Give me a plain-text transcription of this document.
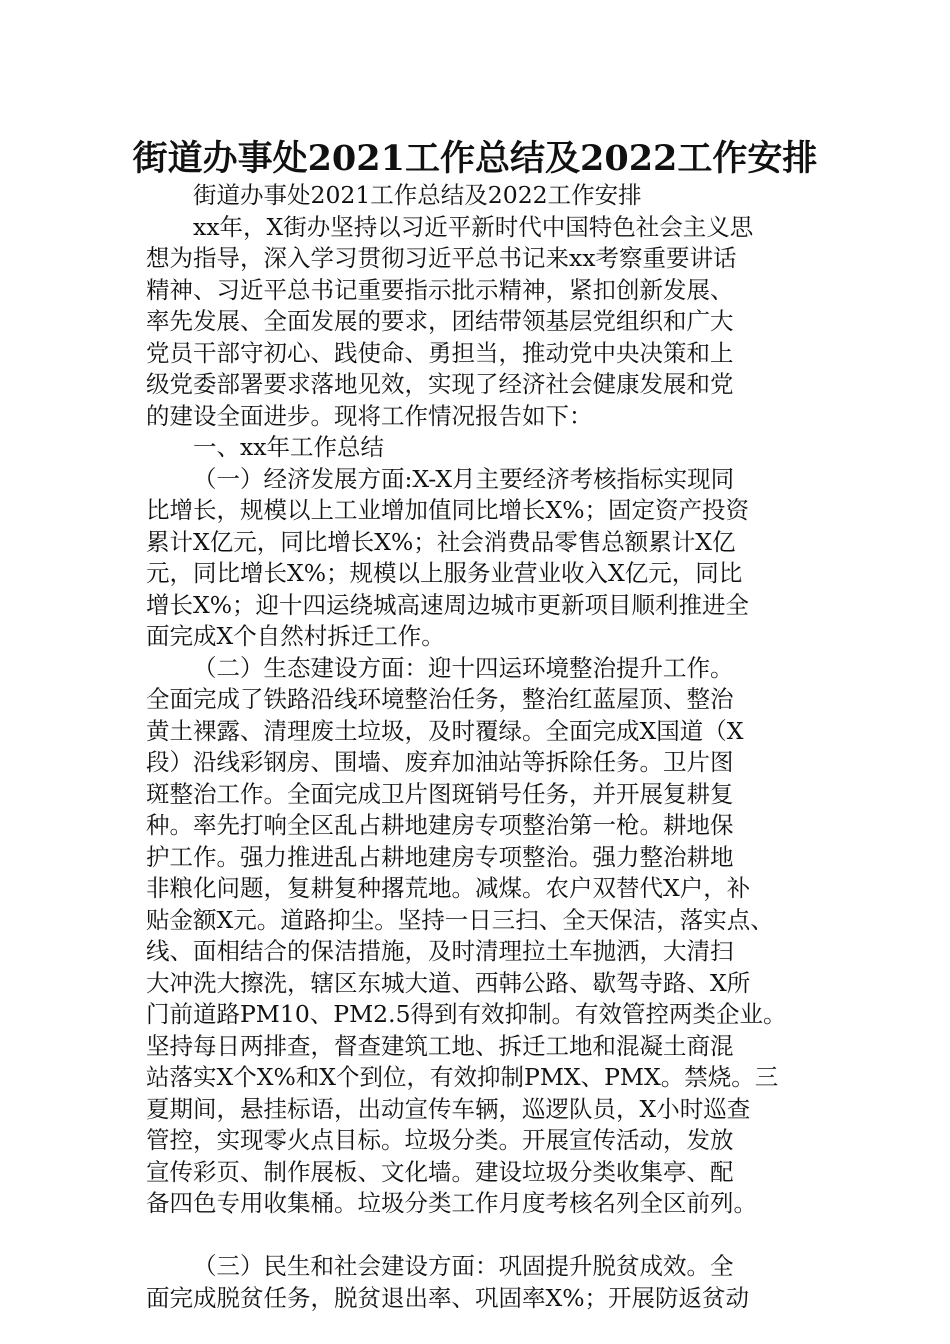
街道办事处2021工作总结及2022工作安排
街道办事处2021工作总结及2022工作安排
xx年，X街办坚持以习近平新时代中国特色社会主义思
想为指导，深入学习贯彻习近平总书记来xx考察重要讲话
精神、习近平总书记重要指示批示精神，紧扣创新发展、
率先发展、全面发展的要求，团结带领基层党组织和广大
党员干部守初心、践使命、勇担当，推动党中央决策和上
级党委部署要求落地见效，实现了经济社会健康发展和党
的建设全面进步。现将工作情况报告如下：
一、xx年工作总结
（一）经济发展方面:X-X月主要经济考核指标实现同
比增长，规模以上工业增加值同比增长X%；固定资产投资
累计X亿元，同比增长X%；社会消费品零售总额累计X亿
元，同比增长X%；规模以上服务业营业收入X亿元，同比
增长X%；迎十四运绕城高速周边城市更新项目顺利推进全
面完成X个自然村拆迁工作。
（二）生态建设方面：迎十四运环境整治提升工作。
全面完成了铁路沿线环境整治任务，整治红蓝屋顶、整治
黄土裸露、清理废土垃圾，及时覆绿。全面完成X国道（X
段）沿线彩钢房、围墙、废弃加油站等拆除任务。卫片图
斑整治工作。全面完成卫片图斑销号任务，并开展复耕复
种。率先打响全区乱占耕地建房专项整治第一枪。耕地保
护工作。强力推进乱占耕地建房专项整治。强力整治耕地
非粮化问题，复耕复种撂荒地。减煤。农户双替代X户，补
贴金额X元。道路抑尘。坚持一日三扫、全天保洁，落实点、
线、面相结合的保洁措施，及时清理拉土车抛洒，大清扫
大冲洗大擦洗，辖区东城大道、西韩公路、歇驾寺路、X所
门前道路PM10、PM2.5得到有效抑制。有效管控两类企业。
坚持每日两排查，督查建筑工地、拆迁工地和混凝土商混
站落实X个X%和X个到位，有效抑制PMX、PMX。禁烧。三
夏期间，悬挂标语，出动宣传车辆，巡逻队员，X小时巡查
管控，实现零火点目标。垃圾分类。开展宣传活动，发放
宣传彩页、制作展板、文化墙。建设垃圾分类收集亭、配
备四色专用收集桶。垃圾分类工作月度考核名列全区前列。
（三）民生和社会建设方面：巩固提升脱贫成效。全
面完成脱贫任务，脱贫退出率、巩固率X%；开展防返贫动
